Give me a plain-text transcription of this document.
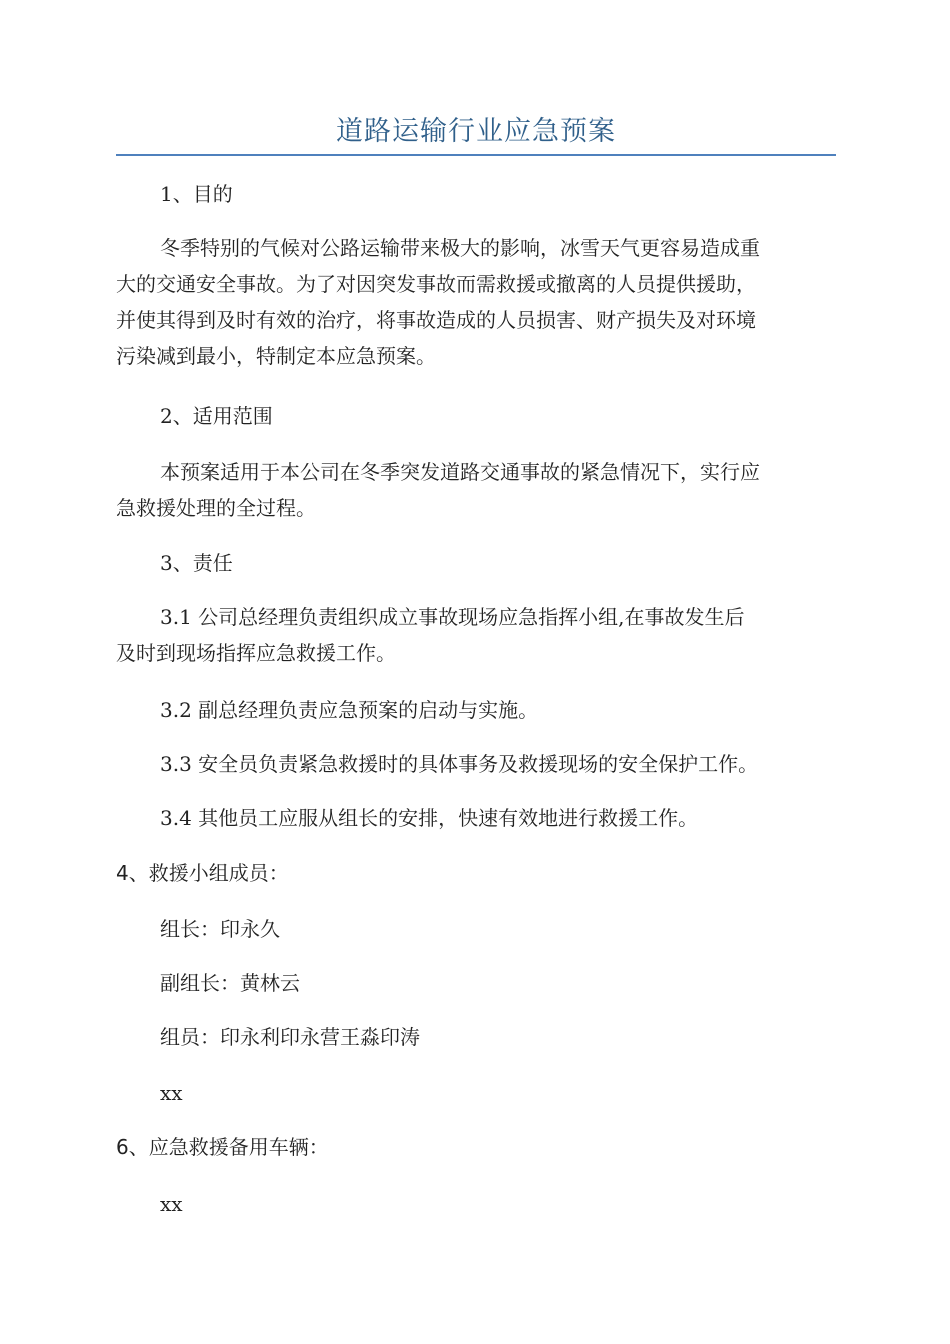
道路运输行业应急预案

1、目的

冬季特别的气候对公路运输带来极大的影响，冰雪天气更容易造成重
大的交通安全事故。为了对因突发事故而需救援或撤离的人员提供援助，
并使其得到及时有效的治疗，将事故造成的人员损害、财产损失及对环境
污染减到最小，特制定本应急预案。

2、适用范围

本预案适用于本公司在冬季突发道路交通事故的紧急情况下，实行应
急救援处理的全过程。

3、责任

3.1 公司总经理负责组织成立事故现场应急指挥小组,在事故发生后
及时到现场指挥应急救援工作。

3.2 副总经理负责应急预案的启动与实施。

3.3 安全员负责紧急救援时的具体事务及救援现场的安全保护工作。

3.4 其他员工应服从组长的安排，快速有效地进行救援工作。

4、救援小组成员：

组长：印永久

副组长：黄林云

组员：印永利印永营王淼印涛

xx

6、应急救援备用车辆：

xx
